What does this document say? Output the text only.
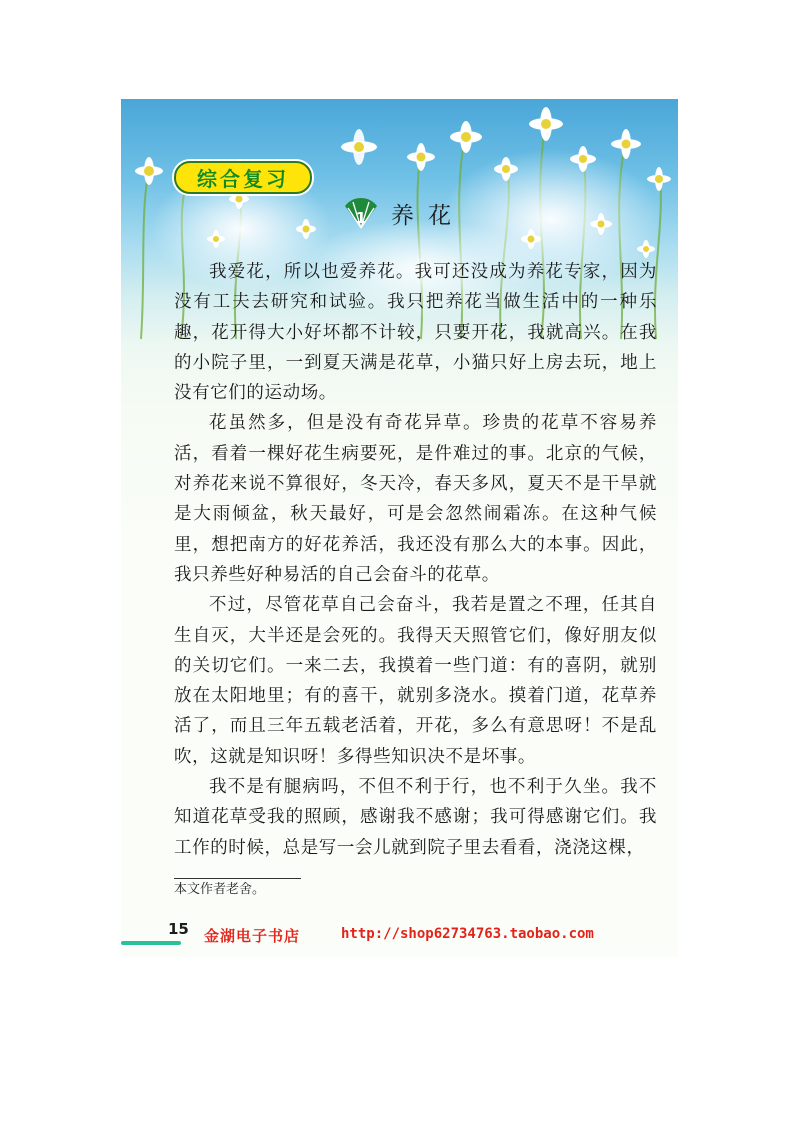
综合复习
1 养花

我爱花，所以也爱养花。我可还没成为养花专家，因为没有工夫去研究和试验。我只把养花当做生活中的一种乐趣，花开得大小好坏都不计较，只要开花，我就高兴。在我的小院子里，一到夏天满是花草，小猫只好上房去玩，地上没有它们的运动场。

花虽然多，但是没有奇花异草。珍贵的花草不容易养活，看着一棵好花生病要死，是件难过的事。北京的气候，对养花来说不算很好，冬天冷，春天多风，夏天不是干旱就是大雨倾盆，秋天最好，可是会忽然闹霜冻。在这种气候里，想把南方的好花养活，我还没有那么大的本事。因此，我只养些好种易活的自己会奋斗的花草。

不过，尽管花草自己会奋斗，我若是置之不理，任其自生自灭，大半还是会死的。我得天天照管它们，像好朋友似的关切它们。一来二去，我摸着一些门道：有的喜阴，就别放在太阳地里；有的喜干，就别多浇水。摸着门道，花草养活了，而且三年五载老活着，开花，多么有意思呀！不是乱吹，这就是知识呀！多得些知识决不是坏事。

我不是有腿病吗，不但不利于行，也不利于久坐。我不知道花草受我的照顾，感谢我不感谢；我可得感谢它们。我工作的时候，总是写一会儿就到院子里去看看，浇浇这棵，

本文作者老舍。
15 金湖电子书店	http://shop62734763.taobao.com
